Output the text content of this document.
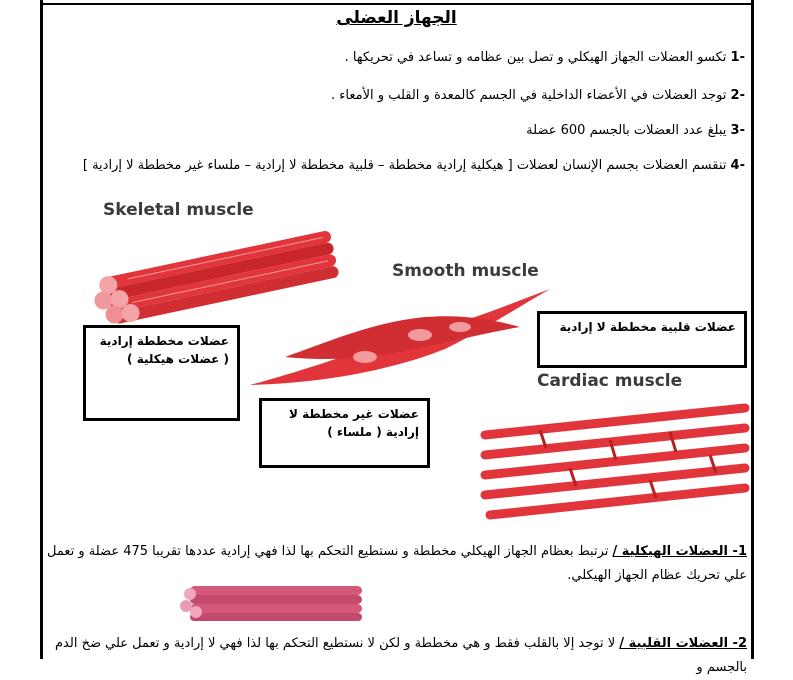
الجهاز العضلى
-1 تكسو العضلات الجهاز الهيكلي و تصل بين عظامه و تساعد في تحريكها .
-2 توجد العضلات في الأعضاء الداخلية في الجسم كالمعدة و القلب و الأمعاء .
-3 يبلغ عدد العضلات بالجسم 600 عضلة
-4 تنقسم العضلات بجسم الإنسان لعضلات [ هيكلية إرادية مخططة – قلبية مخططة لا إرادية – ملساء غير مخططة لا إرادية ]
Skeletal muscle
Smooth muscle
Cardiac muscle
عضلات مخططة إرادية
( عضلات هيكلية )
عضلات غير مخططة لا
إرادية ( ملساء )
عضلات قلبية مخططة لا إرادية
1- العضلات الهيكلية / ترتبط بعظام الجهاز الهيكلي مخططة و نستطيع التحكم بها لذا فهي إرادية عددها تقريبا 475 عضلة و تعمل علي تحريك عظام الجهاز الهيكلي.
2- العضلات القلبية / لا توجد إلا بالقلب فقط و هي مخططة و لكن لا نستطيع التحكم بها لذا فهي لا إرادية و تعمل علي ضخ الدم بالجسم و
